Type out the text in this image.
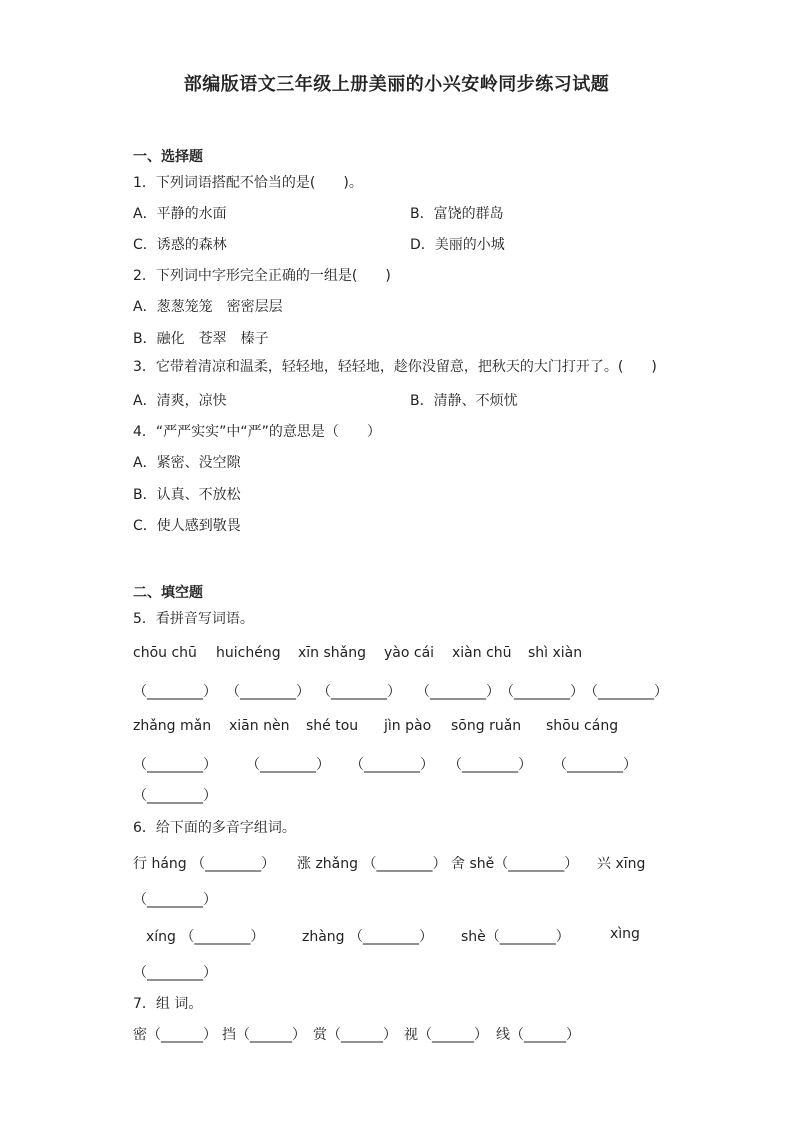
部编版语文三年级上册美丽的小兴安岭同步练习试题
一、选择题
1．下列词语搭配不恰当的是(　　)。
A．平静的水面	B．富饶的群岛
C．诱惑的森林	D．美丽的小城
2．下列词中字形完全正确的一组是(　　)
A．葱葱笼笼　密密层层
B．融化　苍翠　榛子
3．它带着清凉和温柔，轻轻地，轻轻地，趁你没留意，把秋天的大门打开了。(　　)
A．清爽，凉快	B．清静、不烦忧
4．“严严实实”中“严”的意思是（　　）
A．紧密、没空隙
B．认真、不放松
C．使人感到敬畏
二、填空题
5．看拼音写词语。
chōu chū huichéng xīn shǎng yào cái xiàn chū shì xiàn
（________） （________） （________） （________） （________） （________）
zhǎng mǎn xiān nèn shé tou jìn pào sōng ruǎn shōu cáng
（________） （________） （________） （________） （________）
（________）
6．给下面的多音字组词。
行 háng （________） 涨 zhǎng （________） 舍 shě（________） 兴 xīng
（________）
xíng （________）	zhàng （________） shè（________）	xìng
（________）
7．组 词。
密（______） 挡（______） 赏（______） 视（______） 线（______）
